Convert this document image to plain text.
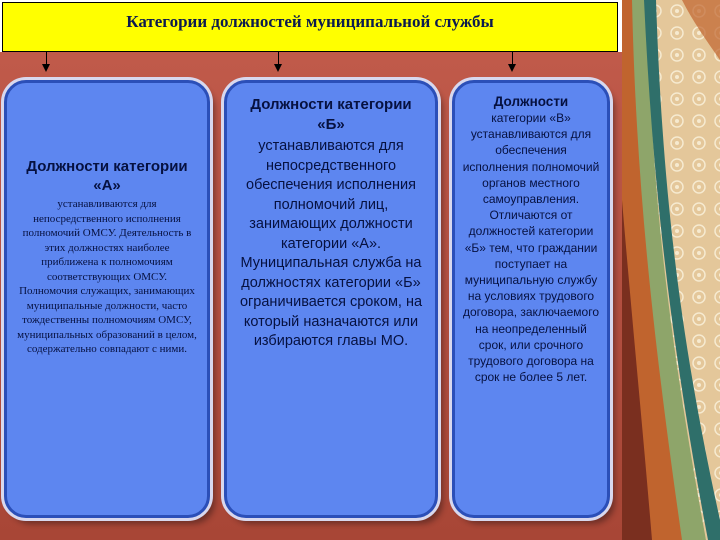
Категории должностей муниципальной службы
Должности категории «А»
устанавливаются для непосредственного исполнения полномочий ОМСУ. Деятельность в этих должностях наиболее приближена к полномочиям соответствующих ОМСУ. Полномочия служащих, занимающих муниципальные должности, часто тождественны полномочиям ОМСУ, муниципальных образований в целом, содержательно совпадают с ними.
Должности категории «Б»
устанавливаются для непосредственного обеспечения исполнения полномочий лиц, занимающих должности категории «А». Муниципальная служба на должностях категории «Б» ограничивается сроком, на который назначаются или избираются главы МО.
Должности
категории «В» устанавливаются для обеспечения исполнения полномочий органов местного самоуправления. Отличаются от должностей категории «Б» тем, что граждании поступает на муниципальную службу на условиях трудового договора, заключаемого на неопределенный срок, или срочного трудового договора на срок не более 5 лет.
